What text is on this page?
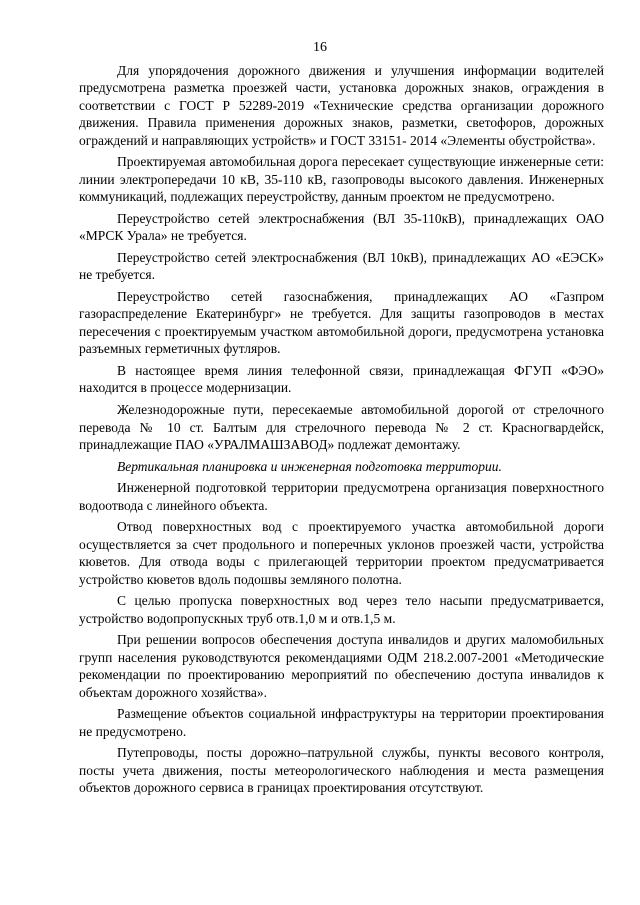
16

Для упорядочения дорожного движения и улучшения информации водителей предусмотрена разметка проезжей части, установка дорожных знаков, ограждения в соответствии с ГОСТ Р 52289-2019 «Технические средства организации дорожного движения. Правила применения дорожных знаков, разметки, светофоров, дорожных ограждений и направляющих устройств» и ГОСТ 33151- 2014 «Элементы обустройства».

Проектируемая автомобильная дорога пересекает существующие инженерные сети: линии электропередачи 10 кВ, 35-110 кВ, газопроводы высокого давления. Инженерных коммуникаций, подлежащих переустройству, данным проектом не предусмотрено.

Переустройство сетей электроснабжения (ВЛ 35-110кВ), принадлежащих ОАО «МРСК Урала» не требуется.

Переустройство сетей электроснабжения (ВЛ 10кВ), принадлежащих АО «ЕЭСК» не требуется.

Переустройство сетей газоснабжения, принадлежащих АО «Газпром газораспределение Екатеринбург» не требуется. Для защиты газопроводов в местах пересечения с проектируемым участком автомобильной дороги, предусмотрена установка разъемных герметичных футляров.

В настоящее время линия телефонной связи, принадлежащая ФГУП «ФЭО» находится в процессе модернизации.

Железнодорожные пути, пересекаемые автомобильной дорогой от стрелочного перевода № 10 ст. Балтым для стрелочного перевода № 2 ст. Красногвардейск, принадлежащие ПАО «УРАЛМАШЗАВОД» подлежат демонтажу.

Вертикальная планировка и инженерная подготовка территории.

Инженерной подготовкой территории предусмотрена организация поверхностного водоотвода с линейного объекта.

Отвод поверхностных вод с проектируемого участка автомобильной дороги осуществляется за счет продольного и поперечных уклонов проезжей части, устройства кюветов. Для отвода воды с прилегающей территории проектом предусматривается устройство кюветов вдоль подошвы земляного полотна.

С целью пропуска поверхностных вод через тело насыпи предусматривается, устройство водопропускных труб отв.1,0 м и отв.1,5 м.

При решении вопросов обеспечения доступа инвалидов и других маломобильных групп населения руководствуются рекомендациями ОДМ 218.2.007-2001 «Методические рекомендации по проектированию мероприятий по обеспечению доступа инвалидов к объектам дорожного хозяйства».

Размещение объектов социальной инфраструктуры на территории проектирования не предусмотрено.

Путепроводы, посты дорожно–патрульной службы, пункты весового контроля, посты учета движения, посты метеорологического наблюдения и места размещения объектов дорожного сервиса в границах проектирования отсутствуют.
